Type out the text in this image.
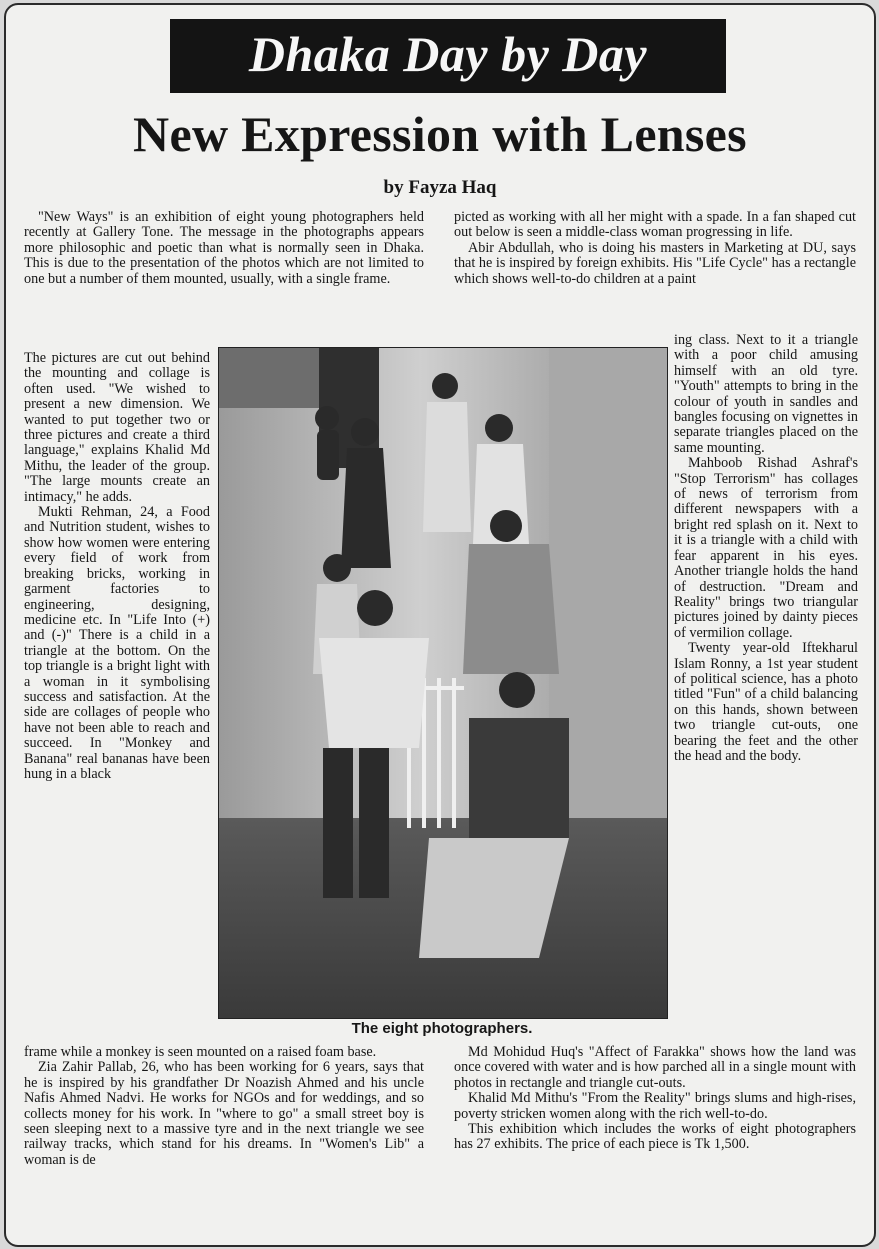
Dhaka Day by Day
New Expression with Lenses
by Fayza Haq

"New Ways" is an exhibition of eight young photographers held recently at Gallery Tone. The message in the photographs appears more philosophic and poetic than what is normally seen in Dhaka. This is due to the presentation of the photos which are not limited to one but a number of them mounted, usually, with a single frame.

The pictures are cut out behind the mounting and collage is often used. "We wished to present a new dimension. We wanted to put together two or three pictures and create a third language," explains Khalid Md Mithu, the leader of the group. "The large mounts create an intimacy," he adds.

Mukti Rehman, 24, a Food and Nutrition student, wishes to show how women were entering every field of work from breaking bricks, working in garment factories to engineering, designing, medicine etc. In "Life Into (+) and (-)" There is a child in a triangle at the bottom. On the top triangle is a bright light with a woman in it symbolising success and satisfaction. At the side are collages of people who have not been able to reach and succeed. In "Monkey and Banana" real bananas have been hung in a black

frame while a monkey is seen mounted on a raised foam base.

Zia Zahir Pallab, 26, who has been working for 6 years, says that he is inspired by his grandfather Dr Noazish Ahmed and his uncle Nafis Ahmed Nadvi. He works for NGOs and for weddings, and so collects money for his work. In "where to go" a small street boy is seen sleeping next to a massive tyre and in the next triangle we see railway tracks, which stand for his dreams. In "Women's Lib" a woman is de

picted as working with all her might with a spade. In a fan shaped cut out below is seen a middle-class woman progressing in life.

Abir Abdullah, who is doing his masters in Marketing at DU, says that he is inspired by foreign exhibits. His "Life Cycle" has a rectangle which shows well-to-do children at a paint

ing class. Next to it a triangle with a poor child amusing himself with an old tyre. "Youth" attempts to bring in the colour of youth in sandles and bangles focusing on vignettes in separate triangles placed on the same mounting.

Mahboob Rishad Ashraf's "Stop Terrorism" has collages of news of terrorism from different newspapers with a bright red splash on it. Next to it is a triangle with a child with fear apparent in his eyes. Another triangle holds the hand of destruction. "Dream and Reality" brings two triangular pictures joined by dainty pieces of vermilion collage.

Twenty year-old Iftekharul Islam Ronny, a 1st year student of political science, has a photo titled "Fun" of a child balancing on this hands, shown between two triangle cut-outs, one bearing the feet and the other the head and the body.

Md Mohidud Huq's "Affect of Farakka" shows how the land was once covered with water and is how parched all in a single mount with photos in rectangle and triangle cut-outs.

Khalid Md Mithu's "From the Reality" brings slums and high-rises, poverty stricken women along with the rich well-to-do.

This exhibition which includes the works of eight photographers has 27 exhibits. The price of each piece is Tk 1,500.

The eight photographers.
